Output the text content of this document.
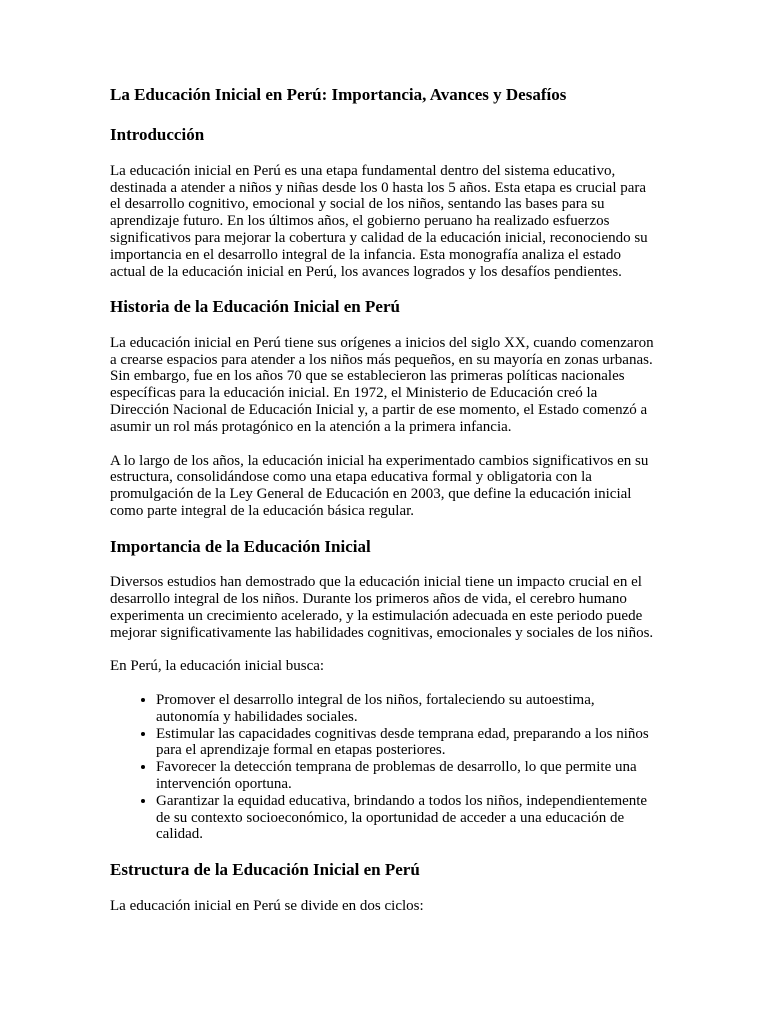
La Educación Inicial en Perú: Importancia, Avances y Desafíos
Introducción

La educación inicial en Perú es una etapa fundamental dentro del sistema educativo, destinada a atender a niños y niñas desde los 0 hasta los 5 años. Esta etapa es crucial para el desarrollo cognitivo, emocional y social de los niños, sentando las bases para su aprendizaje futuro. En los últimos años, el gobierno peruano ha realizado esfuerzos significativos para mejorar la cobertura y calidad de la educación inicial, reconociendo su importancia en el desarrollo integral de la infancia. Esta monografía analiza el estado actual de la educación inicial en Perú, los avances logrados y los desafíos pendientes.

Historia de la Educación Inicial en Perú

La educación inicial en Perú tiene sus orígenes a inicios del siglo XX, cuando comenzaron a crearse espacios para atender a los niños más pequeños, en su mayoría en zonas urbanas. Sin embargo, fue en los años 70 que se establecieron las primeras políticas nacionales específicas para la educación inicial. En 1972, el Ministerio de Educación creó la Dirección Nacional de Educación Inicial y, a partir de ese momento, el Estado comenzó a asumir un rol más protagónico en la atención a la primera infancia.

A lo largo de los años, la educación inicial ha experimentado cambios significativos en su estructura, consolidándose como una etapa educativa formal y obligatoria con la promulgación de la Ley General de Educación en 2003, que define la educación inicial como parte integral de la educación básica regular.

Importancia de la Educación Inicial

Diversos estudios han demostrado que la educación inicial tiene un impacto crucial en el desarrollo integral de los niños. Durante los primeros años de vida, el cerebro humano experimenta un crecimiento acelerado, y la estimulación adecuada en este periodo puede mejorar significativamente las habilidades cognitivas, emocionales y sociales de los niños.

En Perú, la educación inicial busca:

• Promover el desarrollo integral de los niños, fortaleciendo su autoestima, autonomía y habilidades sociales.
• Estimular las capacidades cognitivas desde temprana edad, preparando a los niños para el aprendizaje formal en etapas posteriores.
• Favorecer la detección temprana de problemas de desarrollo, lo que permite una intervención oportuna.
• Garantizar la equidad educativa, brindando a todos los niños, independientemente de su contexto socioeconómico, la oportunidad de acceder a una educación de calidad.
Estructura de la Educación Inicial en Perú

La educación inicial en Perú se divide en dos ciclos:
